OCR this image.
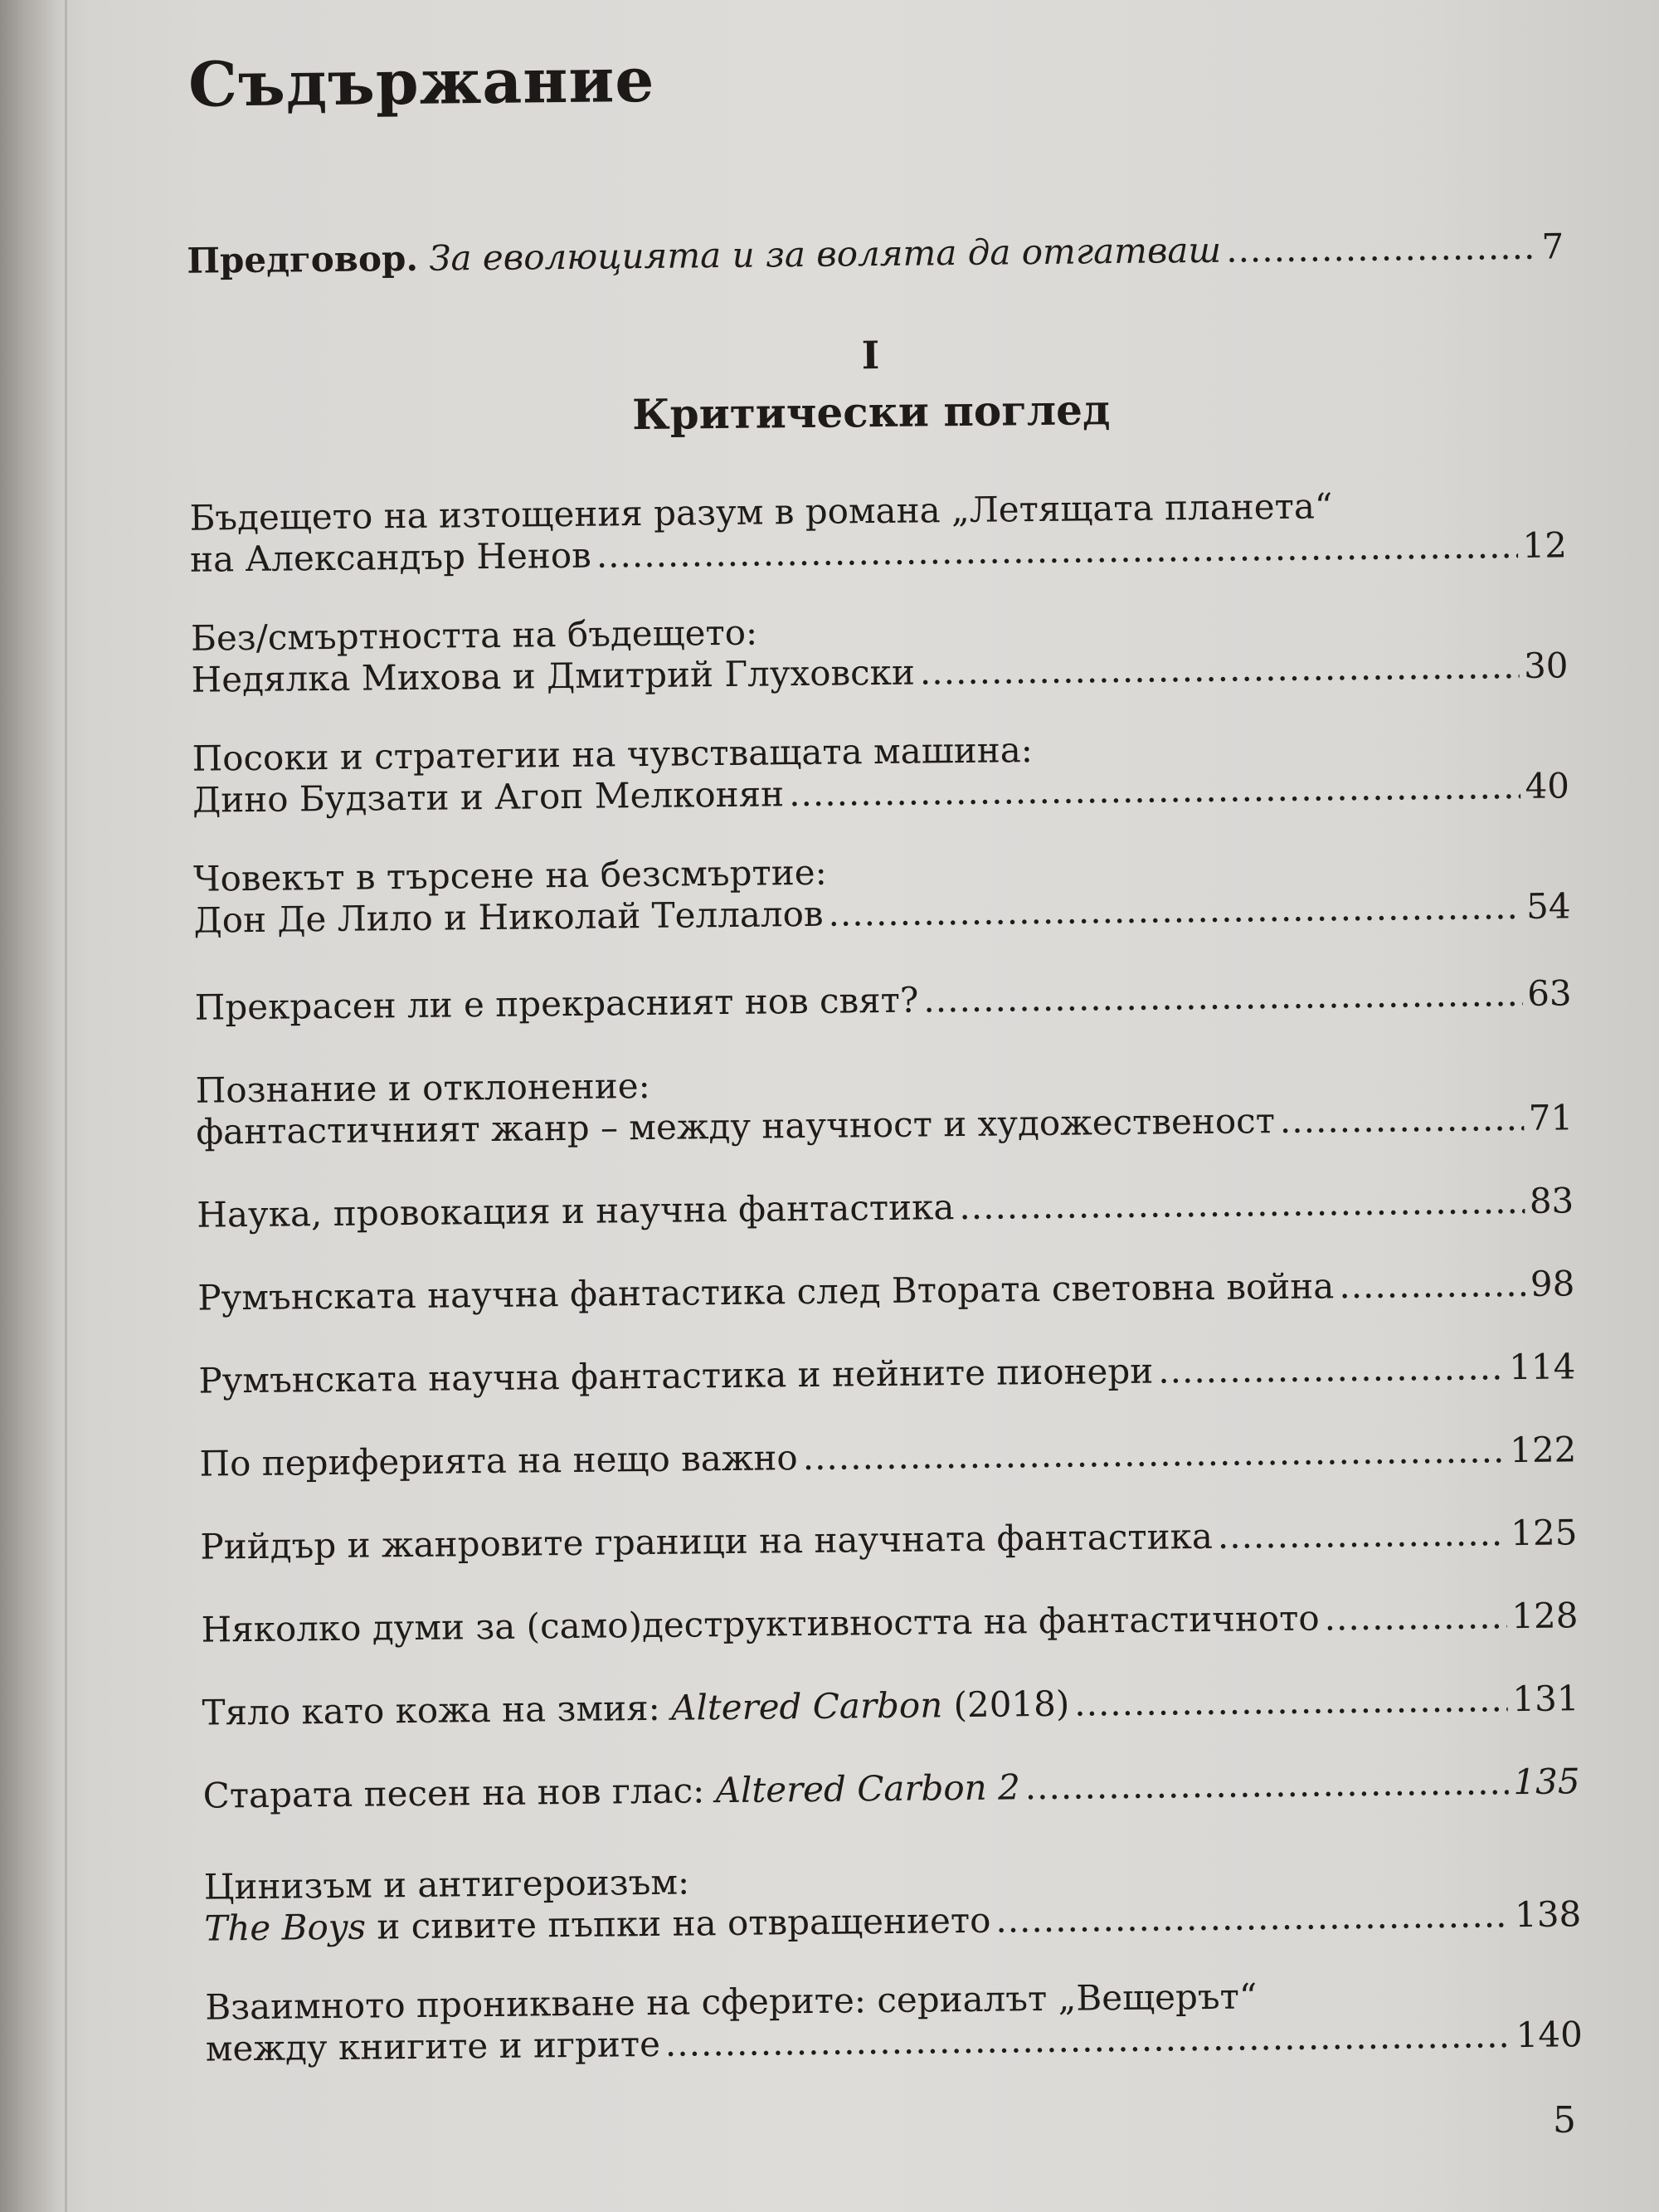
Съдържание
Предговор. За еволюцията и за волята да отгатваш .....	7
I
Критически поглед
Бъдещето на изтощения разум в романа „Летящата планета“
на Александър Ненов .....	12
Без/смъртността на бъдещето:
Недялка Михова и Дмитрий Глуховски .....	30
Посоки и стратегии на чувстващата машина:
Дино Будзати и Агоп Мелконян .....	40
Човекът в търсене на безсмъртие:
Дон Де Лило и Николай Теллалов .....	54
Прекрасен ли е прекрасният нов свят? .....	63
Познание и отклонение:
фантастичният жанр – между научност и художественост .....	71
Наука, провокация и научна фантастика .....	83
Румънската научна фантастика след Втората световна война .....	98
Румънската научна фантастика и нейните пионери .....	114
По периферията на нещо важно .....	122
Рийдър и жанровите граници на научната фантастика .....	125
Няколко думи за (само)деструктивността на фантастичното .....	128
Тяло като кожа на змия: Altered Carbon (2018) .....	131
Старата песен на нов глас: Altered Carbon 2 .....	135
Цинизъм и антигероизъм:
The Boys и сивите пъпки на отвращението .....	138
Взаимното проникване на сферите: сериалът „Вещерът“
между книгите и игрите .....	140
5
